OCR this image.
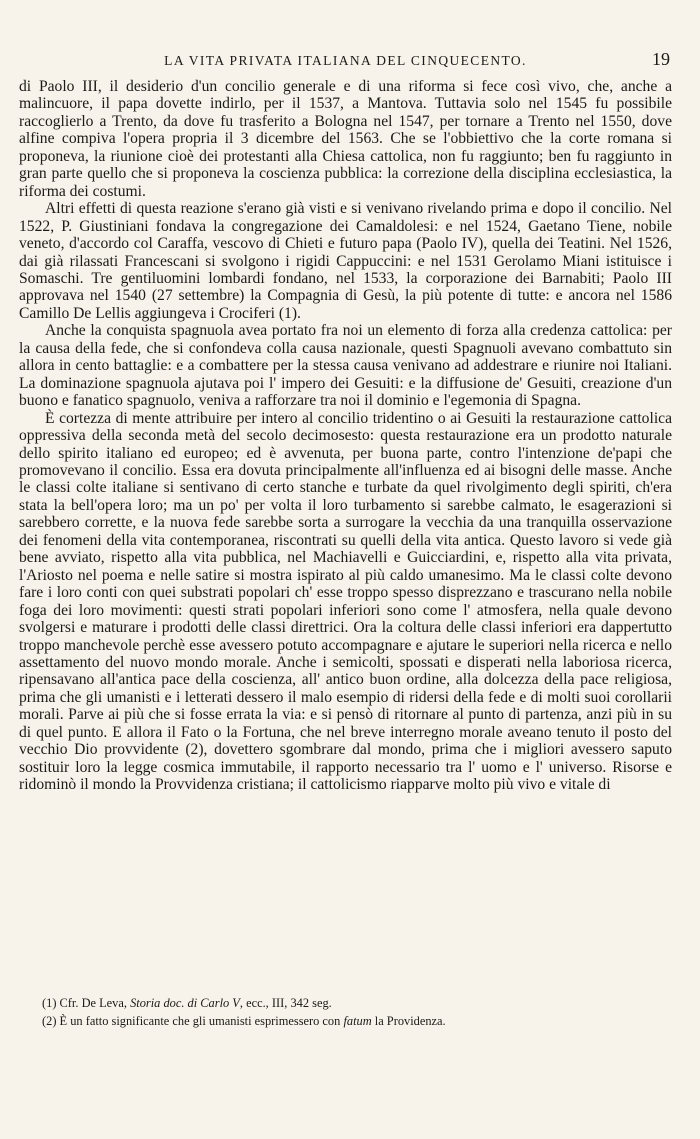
LA VITA PRIVATA ITALIANA DEL CINQUECENTO.	19

di Paolo III, il desiderio d'un concilio generale e di una riforma si fece così vivo, che, anche a malincuore, il papa dovette indirlo, per il 1537, a Mantova. Tuttavia solo nel 1545 fu possibile raccoglierlo a Trento, da dove fu trasferito a Bologna nel 1547, per tornare a Trento nel 1550, dove alfine compiva l'opera propria il 3 dicembre del 1563. Che se l'obbiettivo che la corte romana si proponeva, la riunione cioè dei protestanti alla Chiesa cattolica, non fu raggiunto; ben fu raggiunto in gran parte quello che si proponeva la coscienza pubblica: la correzione della disciplina ecclesiastica, la riforma dei costumi.

Altri effetti di questa reazione s'erano già visti e si venivano rivelando prima e dopo il concilio. Nel 1522, P. Giustiniani fondava la congregazione dei Camaldolesi: e nel 1524, Gaetano Tiene, nobile veneto, d'accordo col Caraffa, vescovo di Chieti e futuro papa (Paolo IV), quella dei Teatini. Nel 1526, dai già rilassati Francescani si svolgono i rigidi Cappuccini: e nel 1531 Gerolamo Miani istituisce i Somaschi. Tre gentiluomini lombardi fondano, nel 1533, la corporazione dei Barnabiti; Paolo III approvava nel 1540 (27 settembre) la Compagnia di Gesù, la più potente di tutte: e ancora nel 1586 Camillo De Lellis aggiungeva i Crociferi (1).

Anche la conquista spagnuola avea portato fra noi un elemento di forza alla credenza cattolica: per la causa della fede, che si confondeva colla causa nazionale, questi Spagnuoli avevano combattuto sin allora in cento battaglie: e a combattere per la stessa causa venivano ad addestrare e riunire noi Italiani. La dominazione spagnuola ajutava poi l' impero dei Gesuiti: e la diffusione de' Gesuiti, creazione d'un buono e fanatico spagnuolo, veniva a rafforzare tra noi il dominio e l'egemonia di Spagna.

È cortezza di mente attribuire per intero al concilio tridentino o ai Gesuiti la restaurazione cattolica oppressiva della seconda metà del secolo decimosesto: questa restaurazione era un prodotto naturale dello spirito italiano ed europeo; ed è avvenuta, per buona parte, contro l'intenzione de'papi che promovevano il concilio. Essa era dovuta principalmente all'influenza ed ai bisogni delle masse. Anche le classi colte italiane si sentivano di certo stanche e turbate da quel rivolgimento degli spiriti, ch'era stata la bell'opera loro; ma un po' per volta il loro turbamento si sarebbe calmato, le esagerazioni si sarebbero corrette, e la nuova fede sarebbe sorta a surrogare la vecchia da una tranquilla osservazione dei fenomeni della vita contemporanea, riscontrati su quelli della vita antica. Questo lavoro si vede già bene avviato, rispetto alla vita pubblica, nel Machiavelli e Guicciardini, e, rispetto alla vita privata, l'Ariosto nel poema e nelle satire si mostra ispirato al più caldo umanesimo. Ma le classi colte devono fare i loro conti con quei substrati popolari ch' esse troppo spesso disprezzano e trascurano nella nobile foga dei loro movimenti: questi strati popolari inferiori sono come l' atmosfera, nella quale devono svolgersi e maturare i prodotti delle classi direttrici. Ora la coltura delle classi inferiori era dappertutto troppo manchevole perchè esse avessero potuto accompagnare e ajutare le superiori nella ricerca e nello assettamento del nuovo mondo morale. Anche i semicolti, spossati e disperati nella laboriosa ricerca, ripensavano all'antica pace della coscienza, all' antico buon ordine, alla dolcezza della pace religiosa, prima che gli umanisti e i letterati dessero il malo esempio di ridersi della fede e di molti suoi corollarii morali. Parve ai più che si fosse errata la via: e si pensò di ritornare al punto di partenza, anzi più in su di quel punto. E allora il Fato o la Fortuna, che nel breve interregno morale aveano tenuto il posto del vecchio Dio provvidente (2), dovettero sgombrare dal mondo, prima che i migliori avessero saputo sostituir loro la legge cosmica immutabile, il rapporto necessario tra l' uomo e l' universo. Risorse e ridominò il mondo la Provvidenza cristiana; il cattolicismo riapparve molto più vivo e vitale di

(1) Cfr. De Leva, Storia doc. di Carlo V, ecc., III, 342 seg.

(2) È un fatto significante che gli umanisti esprimessero con fatum la Providenza.
